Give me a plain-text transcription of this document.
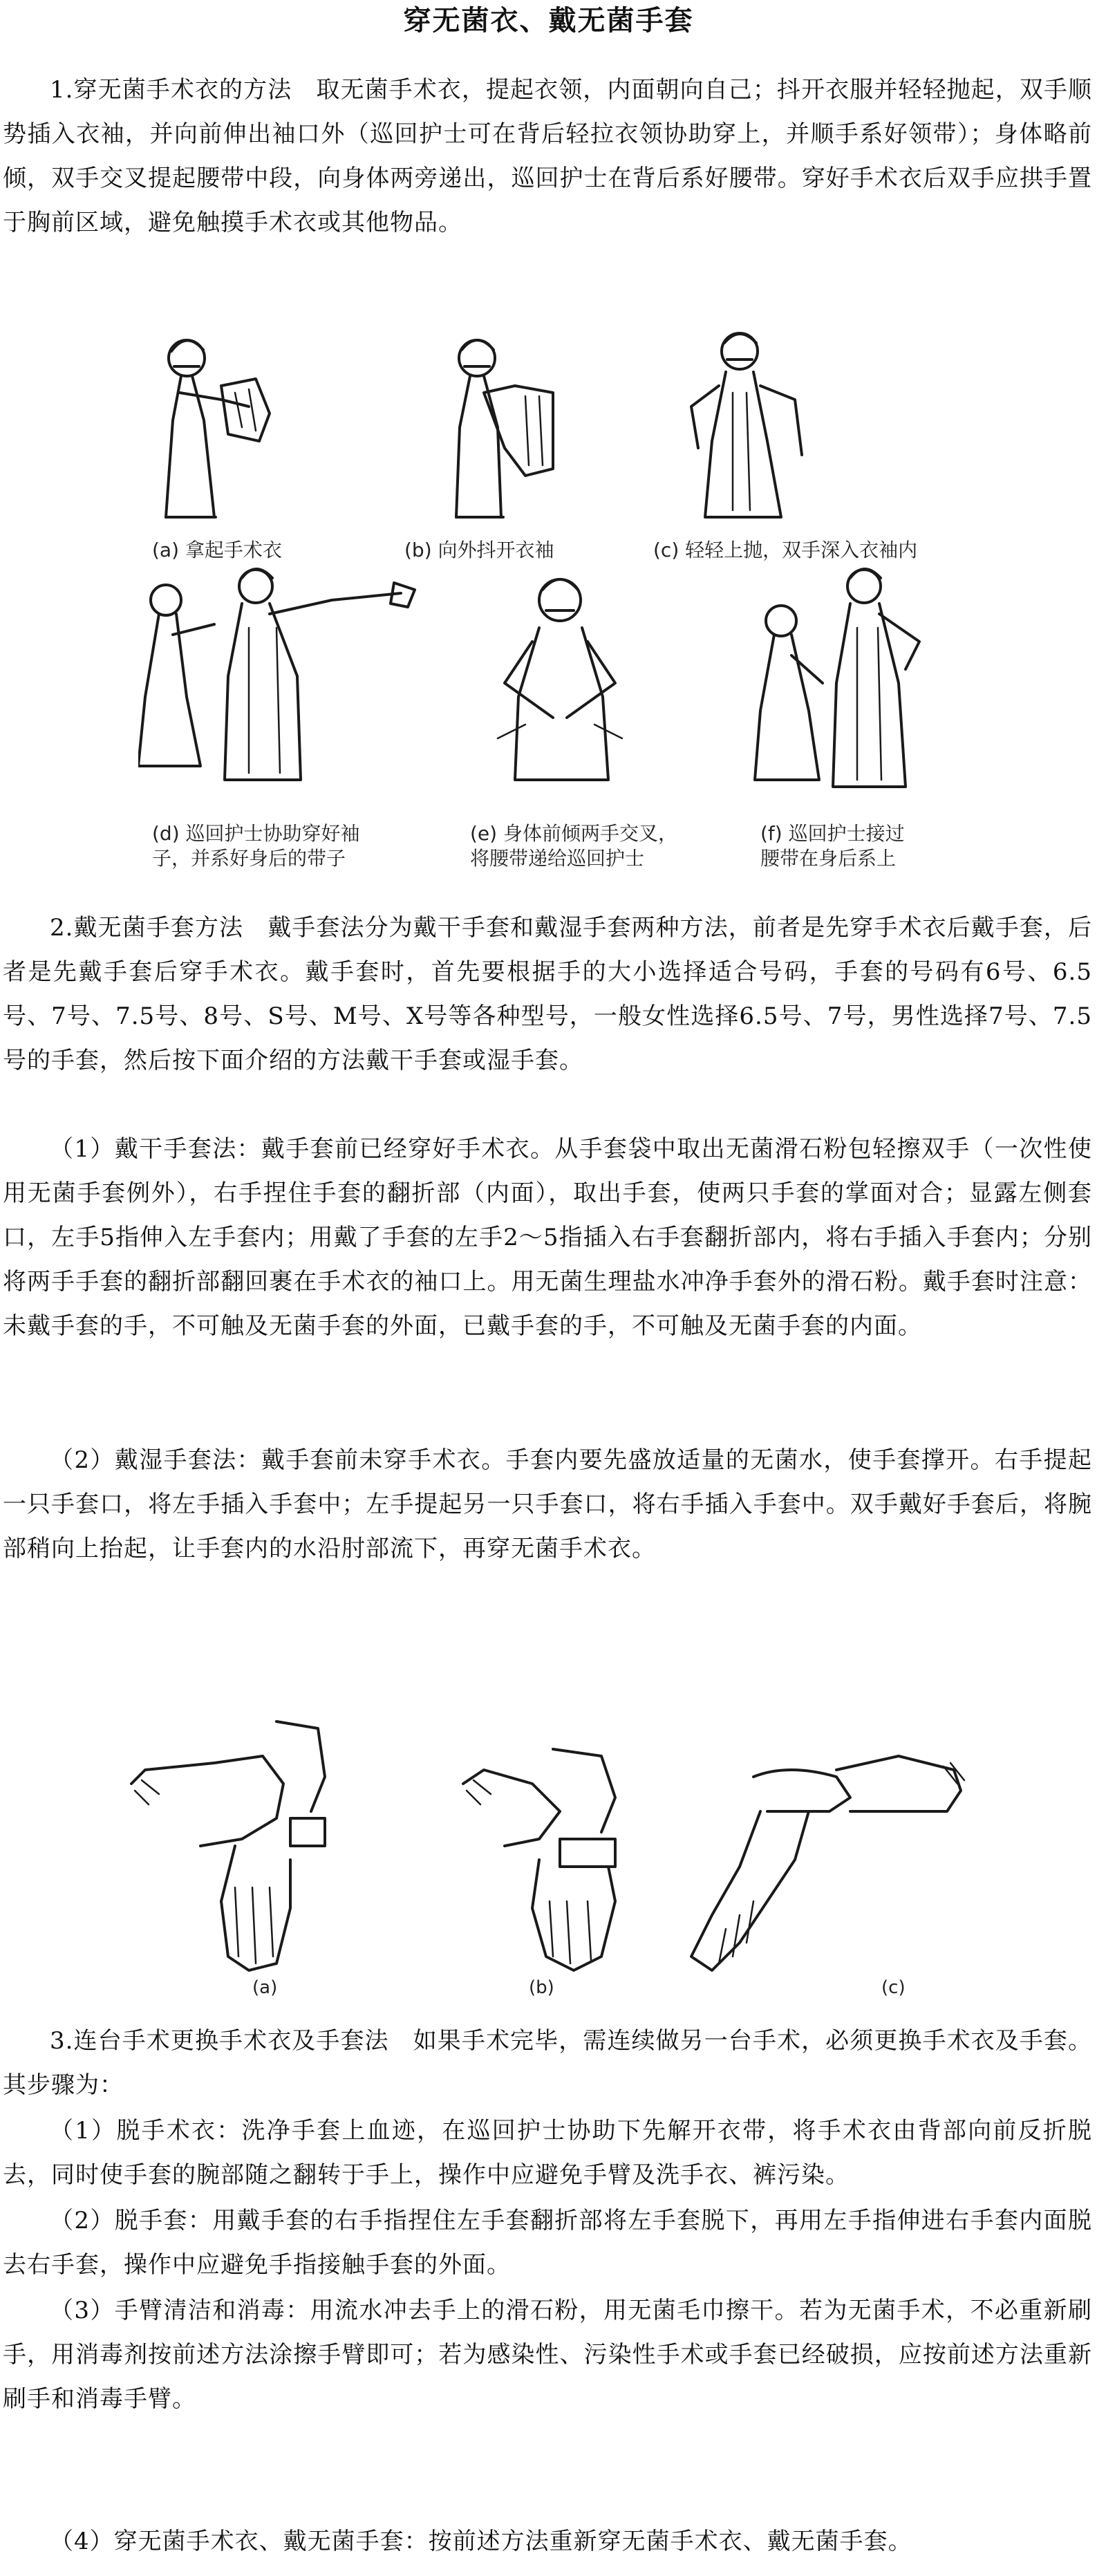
穿无菌衣、戴无菌手套

1.穿无菌手术衣的方法　取无菌手术衣，提起衣领，内面朝向自己；抖开衣服并轻轻抛起，双手顺势插入衣袖，并向前伸出袖口外（巡回护士可在背后轻拉衣领协助穿上，并顺手系好领带）；身体略前倾，双手交叉提起腰带中段，向身体两旁递出，巡回护士在背后系好腰带。穿好手术衣后双手应拱手置于胸前区域，避免触摸手术衣或其他物品。

(a) 拿起手术衣	(b) 向外抖开衣袖	(c) 轻轻上抛，双手深入衣袖内
(d) 巡回护士协助穿好袖
子，并系好身后的带子
(e) 身体前倾两手交叉，
将腰带递给巡回护士
(f) 巡回护士接过
腰带在身后系上

2.戴无菌手套方法　戴手套法分为戴干手套和戴湿手套两种方法，前者是先穿手术衣后戴手套，后者是先戴手套后穿手术衣。戴手套时，首先要根据手的大小选择适合号码，手套的号码有6号、6.5号、7号、7.5号、8号、S号、M号、X号等各种型号，一般女性选择6.5号、7号，男性选择7号、7.5号的手套，然后按下面介绍的方法戴干手套或湿手套。

（1）戴干手套法：戴手套前已经穿好手术衣。从手套袋中取出无菌滑石粉包轻擦双手（一次性使用无菌手套例外），右手捏住手套的翻折部（内面），取出手套，使两只手套的掌面对合；显露左侧套口，左手5指伸入左手套内；用戴了手套的左手2～5指插入右手套翻折部内，将右手插入手套内；分别将两手手套的翻折部翻回裹在手术衣的袖口上。用无菌生理盐水冲净手套外的滑石粉。戴手套时注意：未戴手套的手，不可触及无菌手套的外面，已戴手套的手，不可触及无菌手套的内面。

（2）戴湿手套法：戴手套前未穿手术衣。手套内要先盛放适量的无菌水，使手套撑开。右手提起一只手套口，将左手插入手套中；左手提起另一只手套口，将右手插入手套中。双手戴好手套后，将腕部稍向上抬起，让手套内的水沿肘部流下，再穿无菌手术衣。

(a)	(b)	(c)

3.连台手术更换手术衣及手套法　如果手术完毕，需连续做另一台手术，必须更换手术衣及手套。其步骤为：

（1）脱手术衣：洗净手套上血迹，在巡回护士协助下先解开衣带，将手术衣由背部向前反折脱去，同时使手套的腕部随之翻转于手上，操作中应避免手臂及洗手衣、裤污染。

（2）脱手套：用戴手套的右手指捏住左手套翻折部将左手套脱下，再用左手指伸进右手套内面脱去右手套，操作中应避免手指接触手套的外面。

（3）手臂清洁和消毒：用流水冲去手上的滑石粉，用无菌毛巾擦干。若为无菌手术，不必重新刷手，用消毒剂按前述方法涂擦手臂即可；若为感染性、污染性手术或手套已经破损，应按前述方法重新刷手和消毒手臂。

（4）穿无菌手术衣、戴无菌手套：按前述方法重新穿无菌手术衣、戴无菌手套。
